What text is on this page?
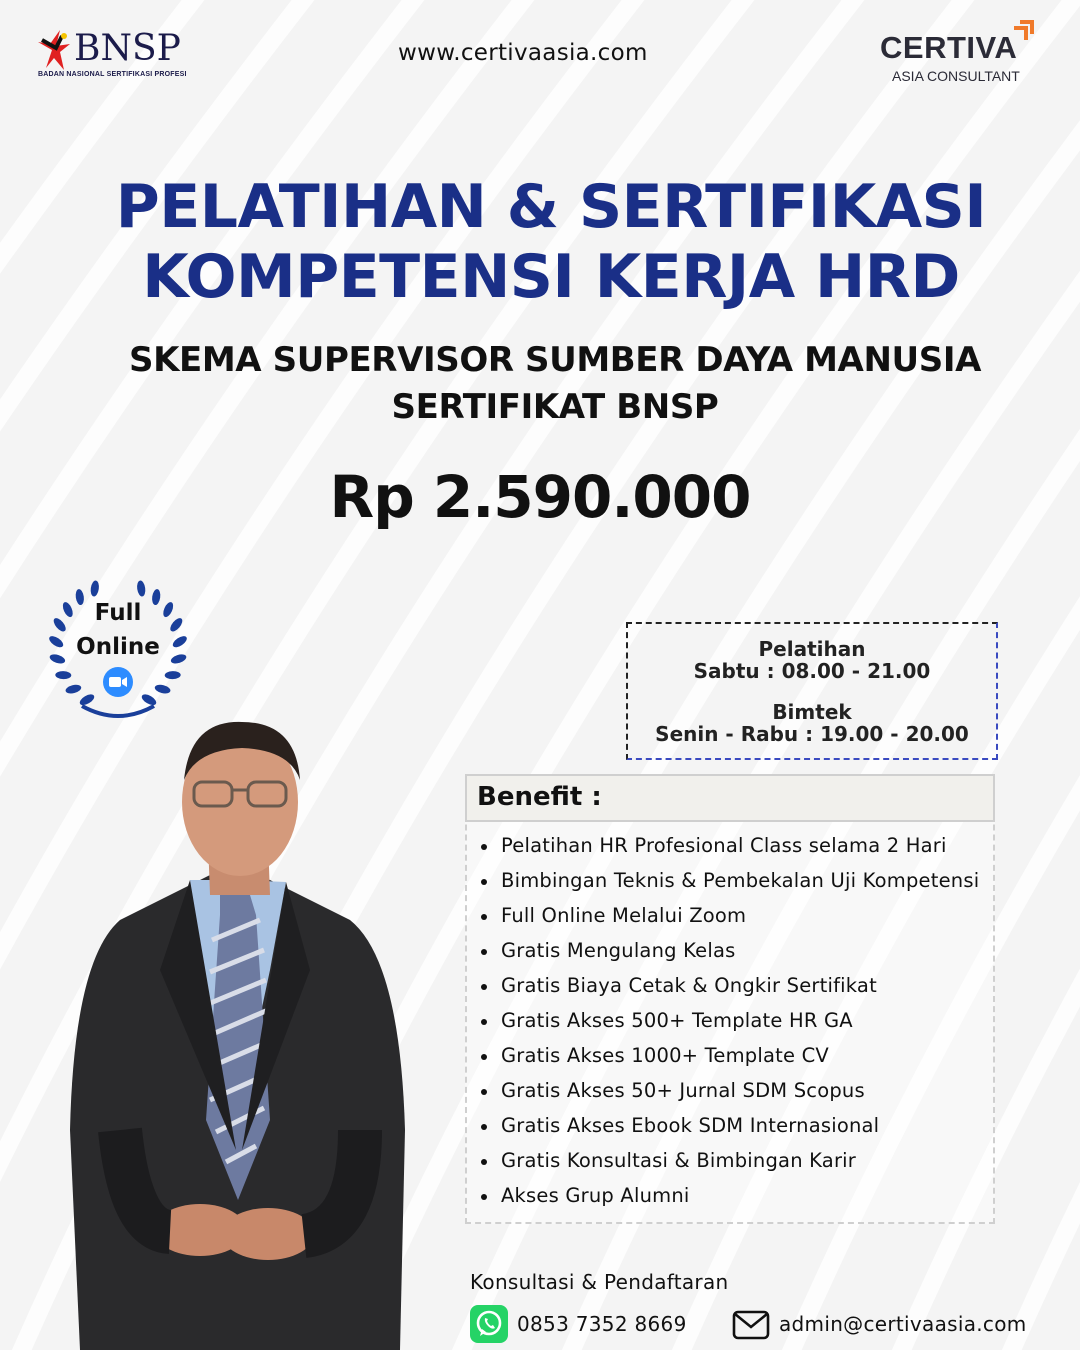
BNSP
BADAN NASIONAL SERTIFIKASI PROFESI
www.certivaasia.com	CERTIVA
ASIA CONSULTANT
PELATIHAN & SERTIFIKASI
KOMPETENSI KERJA HRD
SKEMA SUPERVISOR SUMBER DAYA MANUSIA
SERTIFIKAT BNSP
Rp 2.590.000
Full
Online	Pelatihan
Sabtu : 08.00 - 21.00
Bimtek
Senin - Rabu : 19.00 - 20.00
Benefit :
Pelatihan HR Profesional Class selama 2 Hari
Bimbingan Teknis & Pembekalan Uji Kompetensi
Full Online Melalui Zoom
Gratis Mengulang Kelas
Gratis Biaya Cetak & Ongkir Sertifikat
Gratis Akses 500+ Template HR GA
Gratis Akses 1000+ Template CV
Gratis Akses 50+ Jurnal SDM Scopus
Gratis Akses Ebook SDM Internasional
Gratis Konsultasi & Bimbingan Karir
Akses Grup Alumni
Konsultasi & Pendaftaran
0853 7352 8669	admin@certivaasia.com
